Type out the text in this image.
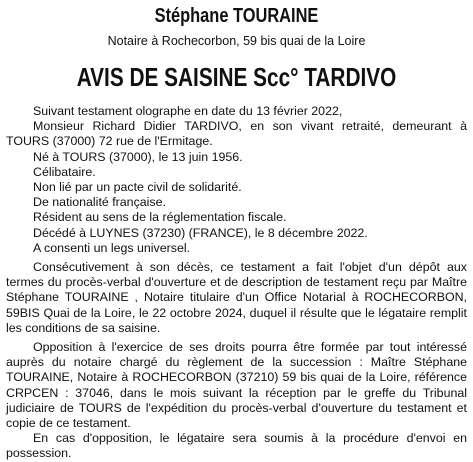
Stéphane TOURAINE
Notaire à Rochecorbon, 59 bis quai de la Loire
AVIS DE SAISINE Scc° TARDIVO

Suivant testament olographe en date du 13 février 2022,

Monsieur Richard Didier TARDIVO, en son vivant retraité, demeurant à TOURS (37000) 72 rue de l'Ermitage.

Né à TOURS (37000), le 13 juin 1956.

Célibataire.

Non lié par un pacte civil de solidarité.

De nationalité française.

Résident au sens de la réglementation fiscale.

Décédé à LUYNES (37230) (FRANCE), le 8 décembre 2022.

A consenti un legs universel.

Consécutivement à son décès, ce testament a fait l'objet d'un dépôt aux termes du procès-verbal d'ouverture et de description de testament reçu par Maître Stéphane TOURAINE , Notaire titulaire d'un Office Notarial à ROCHECORBON, 59BIS Quai de la Loire, le 22 octobre 2024, duquel il résulte que le légataire remplit les conditions de sa saisine.

Opposition à l'exercice de ses droits pourra être formée par tout intéressé auprès du notaire chargé du règlement de la succession : Maître Stéphane TOURAINE, Notaire à ROCHECORBON (37210) 59 bis quai de la Loire, référence CRPCEN : 37046, dans le mois suivant la réception par le greffe du Tribunal judiciaire de TOURS de l'expédition du procès-verbal d'ouverture du testament et copie de ce testament.

En cas d'opposition, le légataire sera soumis à la procédure d'envoi en possession.
